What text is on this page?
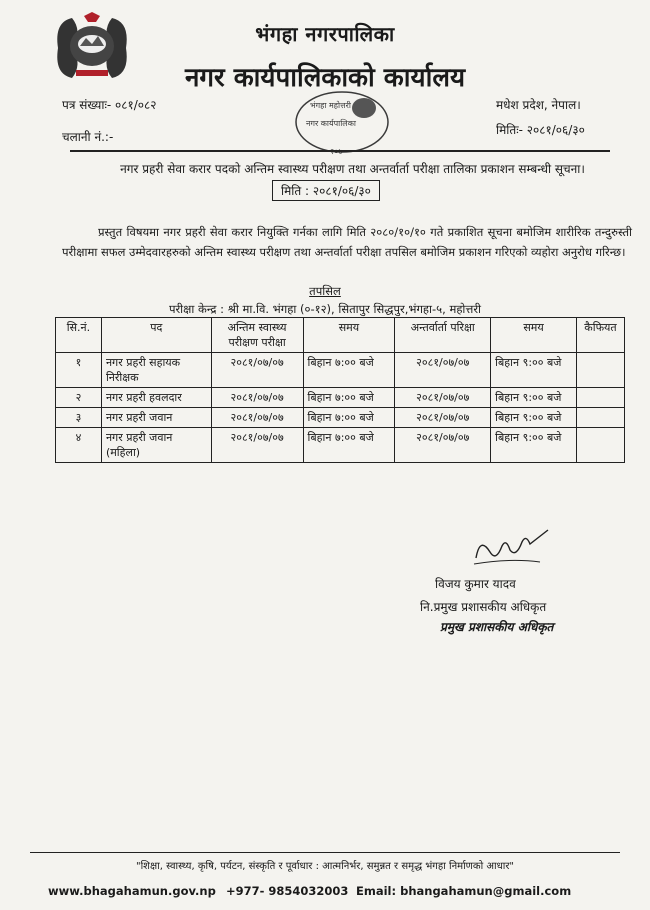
भंगहा नगरपालिका
नगर कार्यपालिकाको कार्यालय
पत्र संख्याः- ०८१/०८२
चलानी नं.:-
मधेश प्रदेश, नेपाल।
मितिः- २०८१/०६/३०
भंगहा महोत्तरी
नगर कार्यपालिका
नगर प्रहरी सेवा करार पदको अन्तिम स्वास्थ्य परीक्षण तथा अन्तर्वार्ता परीक्षा तालिका प्रकाशन सम्बन्धी सूचना।
मिति : २०८१/०६/३०

प्रस्तुत विषयमा नगर प्रहरी सेवा करार नियुक्ति गर्नका लागि मिति २०८०/१०/१० गते प्रकाशित सूचना बमोजिम शारीरिक तन्दुरुस्ती परीक्षामा सफल उम्मेदवारहरुको अन्तिम स्वास्थ्य परीक्षण तथा अन्तर्वार्ता परीक्षा तपसिल बमोजिम प्रकाशन गरिएको व्यहोरा अनुरोध गरिन्छ।

तपसिल
परीक्षा केन्द्र : श्री मा.वि. भंगहा (०-१२), सितापुर सिद्धपुर,भंगहा-५, महोत्तरी
सि.नं.	पद	अन्तिम स्वास्थ्य परीक्षण परीक्षा	समय	अन्तर्वार्ता परिक्षा	समय	कैफियत
१	नगर प्रहरी सहायक निरीक्षक	२०८१/०७/०७	बिहान ७:०० बजे	२०८१/०७/०७	बिहान ९:०० बजे	
२	नगर प्रहरी हवलदार	२०८१/०७/०७	बिहान ७:०० बजे	२०८१/०७/०७	बिहान ९:०० बजे	
३	नगर प्रहरी जवान	२०८१/०७/०७	बिहान ७:०० बजे	२०८१/०७/०७	बिहान ९:०० बजे	
४	नगर प्रहरी जवान (महिला)	२०८१/०७/०७	बिहान ७:०० बजे	२०८१/०७/०७	बिहान ९:०० बजे	
विजय कुमार यादव
नि.प्रमुख प्रशासकीय अधिकृत
प्रमुख प्रशासकीय अधिकृत
"शिक्षा, स्वास्थ्य, कृषि, पर्यटन, संस्कृति र पूर्वाधार : आत्मनिर्भर, समुन्नत र समृद्ध भंगहा निर्माणको आधार"
www.bhagahamun.gov.np +977- 9854032003 Email: bhangahamun@gmail.com
